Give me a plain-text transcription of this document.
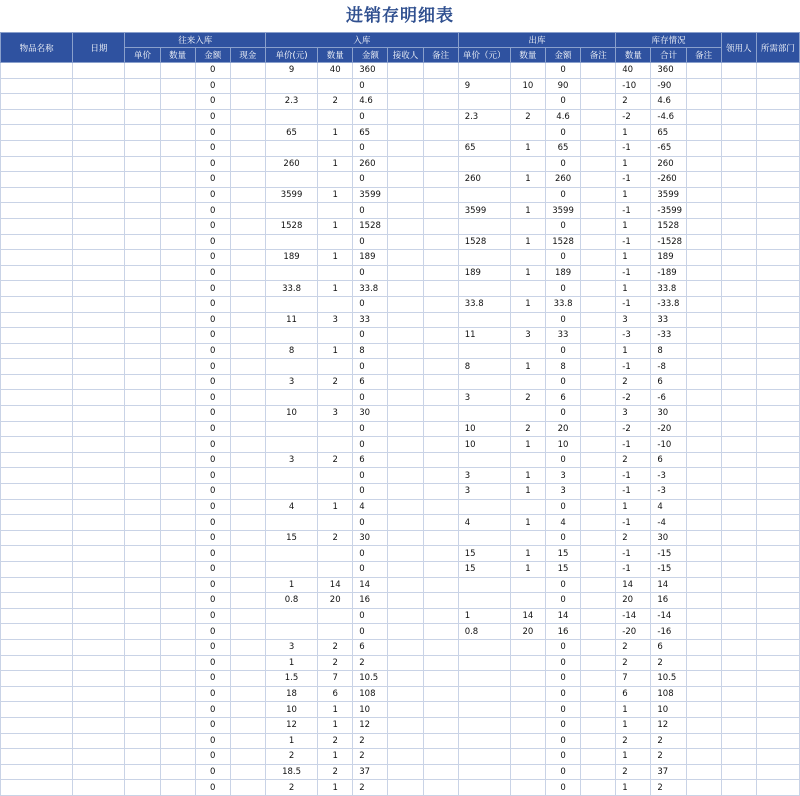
进销存明细表
物品名称	日期	往来入库				入库					出库				库存情况			领用人	所需部门
		单价	数量	金额	现金	单价(元)	数量	金额	接收人	备注	单价（元）	数量	金额	备注	数量	合计	备注		
				0		9	40	360					0		40	360			
				0				0			9	10	90		-10	-90			
				0		2.3	2	4.6					0		2	4.6			
				0				0			2.3	2	4.6		-2	-4.6			
				0		65	1	65					0		1	65			
				0				0			65	1	65		-1	-65			
				0		260	1	260					0		1	260			
				0				0			260	1	260		-1	-260			
				0		3599	1	3599					0		1	3599			
				0				0			3599	1	3599		-1	-3599			
				0		1528	1	1528					0		1	1528			
				0				0			1528	1	1528		-1	-1528			
				0		189	1	189					0		1	189			
				0				0			189	1	189		-1	-189			
				0		33.8	1	33.8					0		1	33.8			
				0				0			33.8	1	33.8		-1	-33.8			
				0		11	3	33					0		3	33			
				0				0			11	3	33		-3	-33			
				0		8	1	8					0		1	8			
				0				0			8	1	8		-1	-8			
				0		3	2	6					0		2	6			
				0				0			3	2	6		-2	-6			
				0		10	3	30					0		3	30			
				0				0			10	2	20		-2	-20			
				0				0			10	1	10		-1	-10			
				0		3	2	6					0		2	6			
				0				0			3	1	3		-1	-3			
				0				0			3	1	3		-1	-3			
				0		4	1	4					0		1	4			
				0				0			4	1	4		-1	-4			
				0		15	2	30					0		2	30			
				0				0			15	1	15		-1	-15			
				0				0			15	1	15		-1	-15			
				0		1	14	14					0		14	14			
				0		0.8	20	16					0		20	16			
				0				0			1	14	14		-14	-14			
				0				0			0.8	20	16		-20	-16			
				0		3	2	6					0		2	6			
				0		1	2	2					0		2	2			
				0		1.5	7	10.5					0		7	10.5			
				0		18	6	108					0		6	108			
				0		10	1	10					0		1	10			
				0		12	1	12					0		1	12			
				0		1	2	2					0		2	2			
				0		2	1	2					0		1	2			
				0		18.5	2	37					0		2	37			
				0		2	1	2					0		1	2			
